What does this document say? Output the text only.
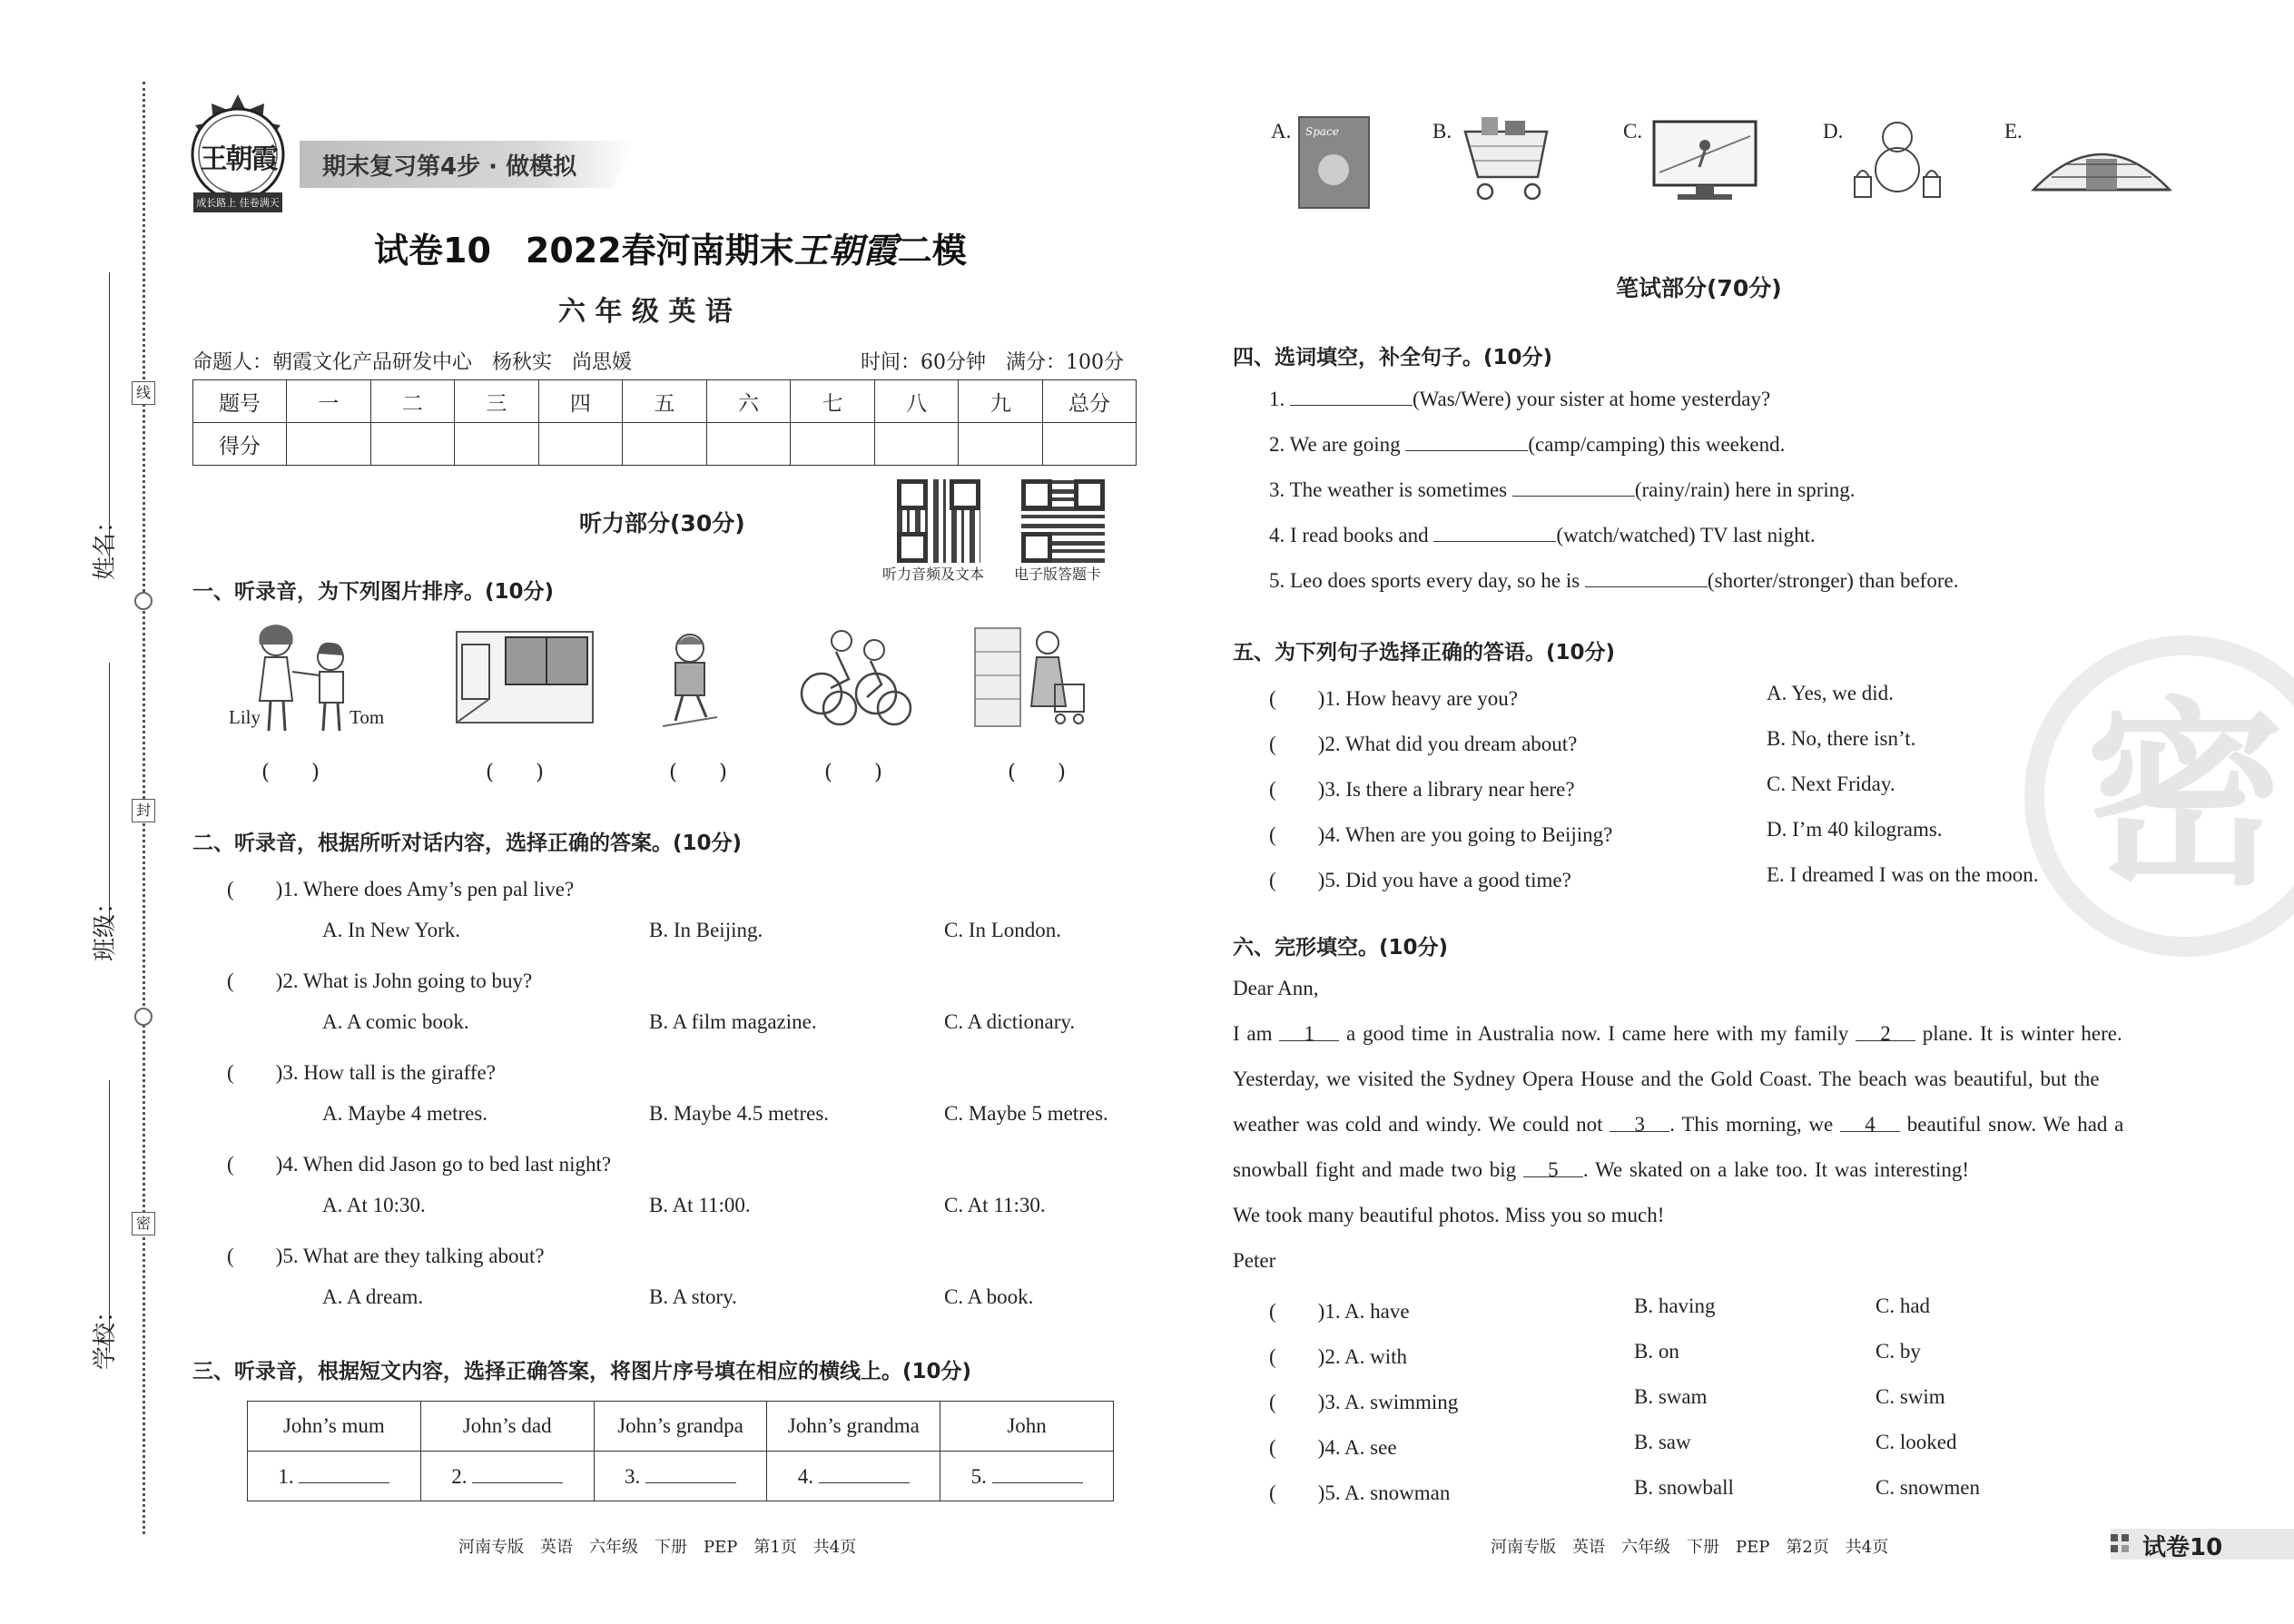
线
封
密
姓名：
班级：
学校：
王朝霞
成长路上 佳卷满天
期末复习第4步 · 做模拟
试卷10　 2022春河南期末王朝霞二模
六 年 级 英 语
命题人：朝霞文化产品研发中心　杨秋实　尚思媛	时间：60分钟　满分：100分
题号	一	二	三	四	五	六	七	八	九	总分
得分										
听力部分(30分)
听力音频及文本 电子版答题卡
一、听录音，为下列图片排序。(10分)
Lily	Tom
(　　)	(　　)	(　　)	(　　)	(　　)
二、听录音，根据所听对话内容，选择正确的答案。(10分)
(　　)1. Where does Amy’s pen pal live?
A. In New York.	B. In Beijing.	C. In London.
(　　)2. What is John going to buy?
A. A comic book.	B. A film magazine.	C. A dictionary.
(　　)3. How tall is the giraffe?
A. Maybe 4 metres.	B. Maybe 4.5 metres.	C. Maybe 5 metres.
(　　)4. When did Jason go to bed last night?
A. At 10:30.	B. At 11:00.	C. At 11:30.
(　　)5. What are they talking about?
A. A dream.	B. A story.	C. A book.
三、听录音，根据短文内容，选择正确答案，将图片序号填在相应的横线上。(10分)
John’s mum	John’s dad	John’s grandpa	John’s grandma	John
1.	2.	3.	4.	5.
河南专版　英语　六年级　下册　PEP　第1页　共4页
A. Space	B.	C.	D.	E.
笔试部分(70分)
密
四、选词填空，补全句子。(10分)
1.	(Was/Were) your sister at home yesterday?
2. We are going	(camp/camping) this weekend.
3. The weather is sometimes	(rainy/rain) here in spring.
4. I read books and	(watch/watched) TV last night.
5. Leo does sports every day, so he is	(shorter/stronger) than before.
五、为下列句子选择正确的答语。(10分)
(　　)1. How heavy are you?	A. Yes, we did.
(　　)2. What did you dream about?	B. No, there isn’t.
(　　)3. Is there a library near here?	C. Next Friday.
(　　)4. When are you going to Beijing?	D. I’m 40 kilograms.
(　　)5. Did you have a good time?	E. I dreamed I was on the moon.
六、完形填空。(10分)
Dear Ann,
I am 1 a good time in Australia now. I came here with my family 2 plane. It is winter here.
Yesterday, we visited the Sydney Opera House and the Gold Coast. The beach was beautiful, but the
weather was cold and windy. We could not 3 . This morning, we 4 beautiful snow. We had a
snowball fight and made two big 5 . We skated on a lake too. It was interesting!
We took many beautiful photos. Miss you so much!
Peter
(　　)1. A. have	B. having	C. had
(　　)2. A. with	B. on	C. by
(　　)3. A. swimming	B. swam	C. swim
(　　)4. A. see	B. saw	C. looked
(　　)5. A. snowman	B. snowball	C. snowmen
河南专版　英语　六年级　下册　PEP　第2页　共4页	试卷10
